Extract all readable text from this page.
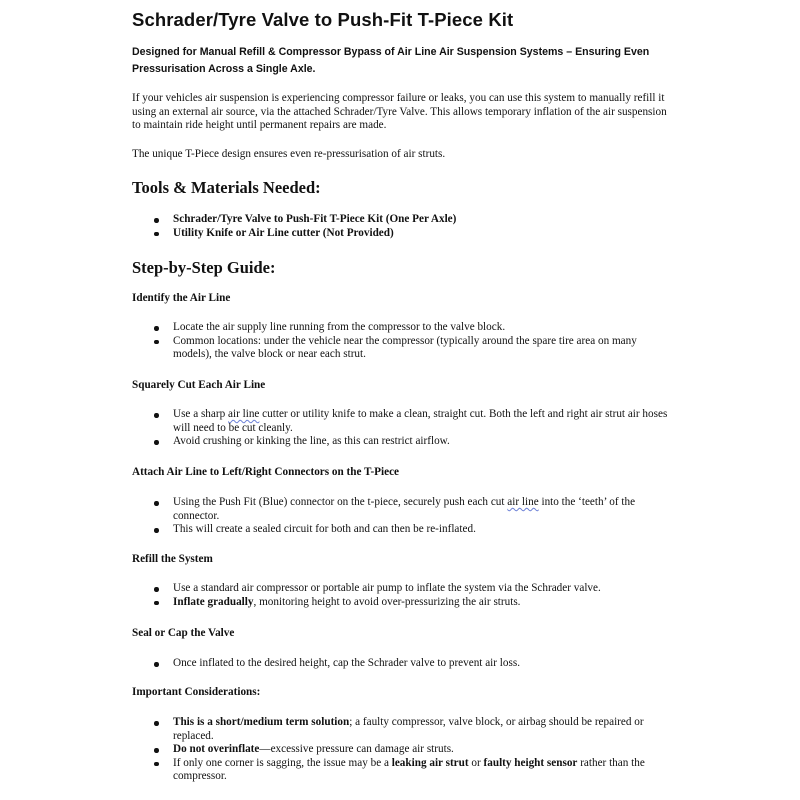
Schrader/Tyre Valve to Push-Fit T-Piece Kit
Designed for Manual Refill & Compressor Bypass of Air Line Air Suspension Systems – Ensuring Even Pressurisation Across a Single Axle.
If your vehicles air suspension is experiencing compressor failure or leaks, you can use this system to manually refill it using an external air source, via the attached Schrader/Tyre Valve. This allows temporary inflation of the air suspension to maintain ride height until permanent repairs are made.
The unique T-Piece design ensures even re-pressurisation of air struts.
Tools & Materials Needed:
Schrader/Tyre Valve to Push-Fit T-Piece Kit (One Per Axle)
Utility Knife or Air Line cutter (Not Provided)
Step-by-Step Guide:
Identify the Air Line
Locate the air supply line running from the compressor to the valve block.
Common locations: under the vehicle near the compressor (typically around the spare tire area on many models), the valve block or near each strut.
Squarely Cut Each Air Line
Use a sharp air line cutter or utility knife to make a clean, straight cut. Both the left and right air strut air hoses will need to be cut cleanly.
Avoid crushing or kinking the line, as this can restrict airflow.
Attach Air Line to Left/Right Connectors on the T-Piece
Using the Push Fit (Blue) connector on the t-piece, securely push each cut air line into the ‘teeth’ of the connector.
This will create a sealed circuit for both and can then be re-inflated.
Refill the System
Use a standard air compressor or portable air pump to inflate the system via the Schrader valve.
Inflate gradually, monitoring height to avoid over-pressurizing the air struts.
Seal or Cap the Valve
Once inflated to the desired height, cap the Schrader valve to prevent air loss.
Important Considerations:
This is a short/medium term solution; a faulty compressor, valve block, or airbag should be repaired or replaced.
Do not overinflate—excessive pressure can damage air struts.
If only one corner is sagging, the issue may be a leaking air strut or faulty height sensor rather than the compressor.
